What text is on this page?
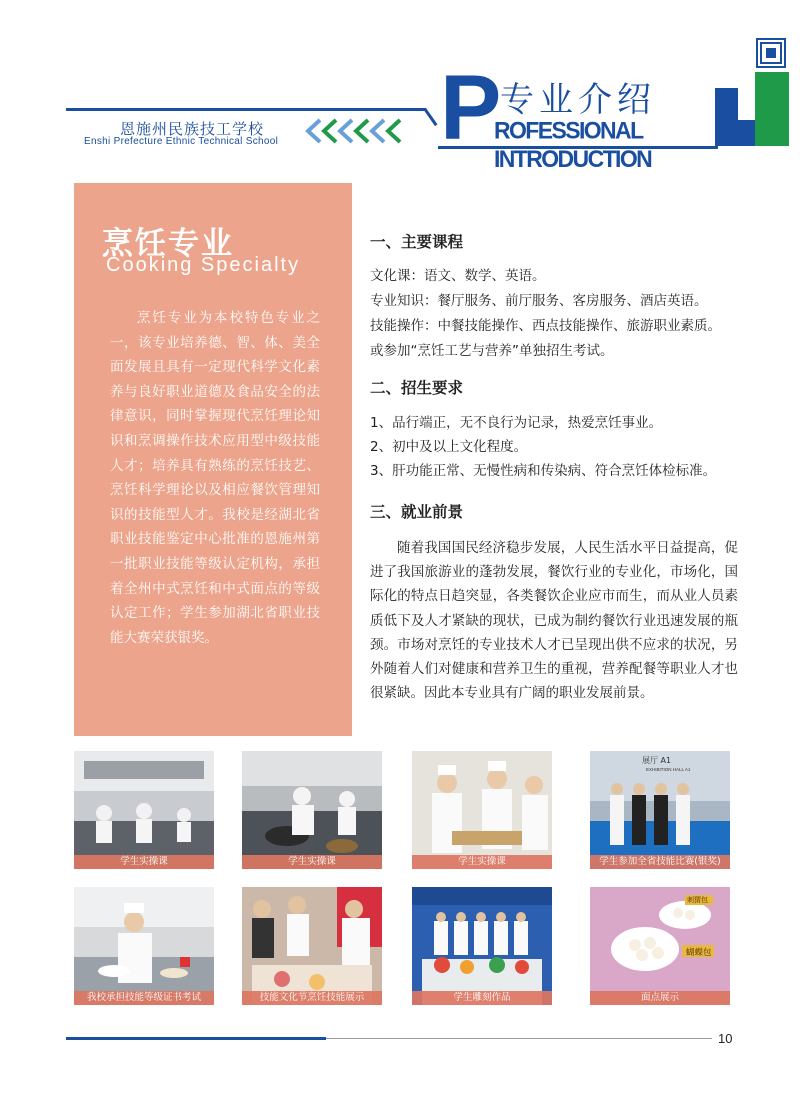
恩施州民族技工学校
Enshi Prefecture Ethnic Technical School P
专业介绍
ROFESSIONAL INTRODUCTION
烹饪专业
Cooking Specialty
烹饪专业为本校特色专业之一，该专业培养德、智、体、美全面发展且具有一定现代科学文化素养与良好职业道德及食品安全的法律意识，同时掌握现代烹饪理论知识和烹调操作技术应用型中级技能人才；培养具有熟练的烹饪技艺、烹饪科学理论以及相应餐饮管理知识的技能型人才。我校是经湖北省职业技能鉴定中心批准的恩施州第一批职业技能等级认定机构，承担着全州中式烹饪和中式面点的等级认定工作；学生参加湖北省职业技能大赛荣获银奖。
一、主要课程
文化课：语文、数学、英语。
专业知识：餐厅服务、前厅服务、客房服务、酒店英语。
技能操作：中餐技能操作、西点技能操作、旅游职业素质。
或参加“烹饪工艺与营养”单独招生考试。
二、招生要求
1、品行端正，无不良行为记录，热爱烹饪事业。
2、初中及以上文化程度。
3、肝功能正常、无慢性病和传染病、符合烹饪体检标准。
三、就业前景
随着我国国民经济稳步发展，人民生活水平日益提高，促进了我国旅游业的蓬勃发展，餐饮行业的专业化，市场化，国际化的特点日趋突显，各类餐饮企业应市而生，而从业人员素质低下及人才紧缺的现状，已成为制约餐饮行业迅速发展的瓶颈。市场对烹饪的专业技术人才已呈现出供不应求的状况，另外随着人们对健康和营养卫生的重视，营养配餐等职业人才也很紧缺。因此本专业具有广阔的职业发展前景。
学生实操课	学生实操课	学生实操课
展厅 A1
EXHIBITION HALL A1
学生参加全省技能比赛(银奖)
我校承担技能等级证书考试	技能文化节烹饪技能展示	学生雕刻作品
刺猬包
蝴蝶包
面点展示
10
